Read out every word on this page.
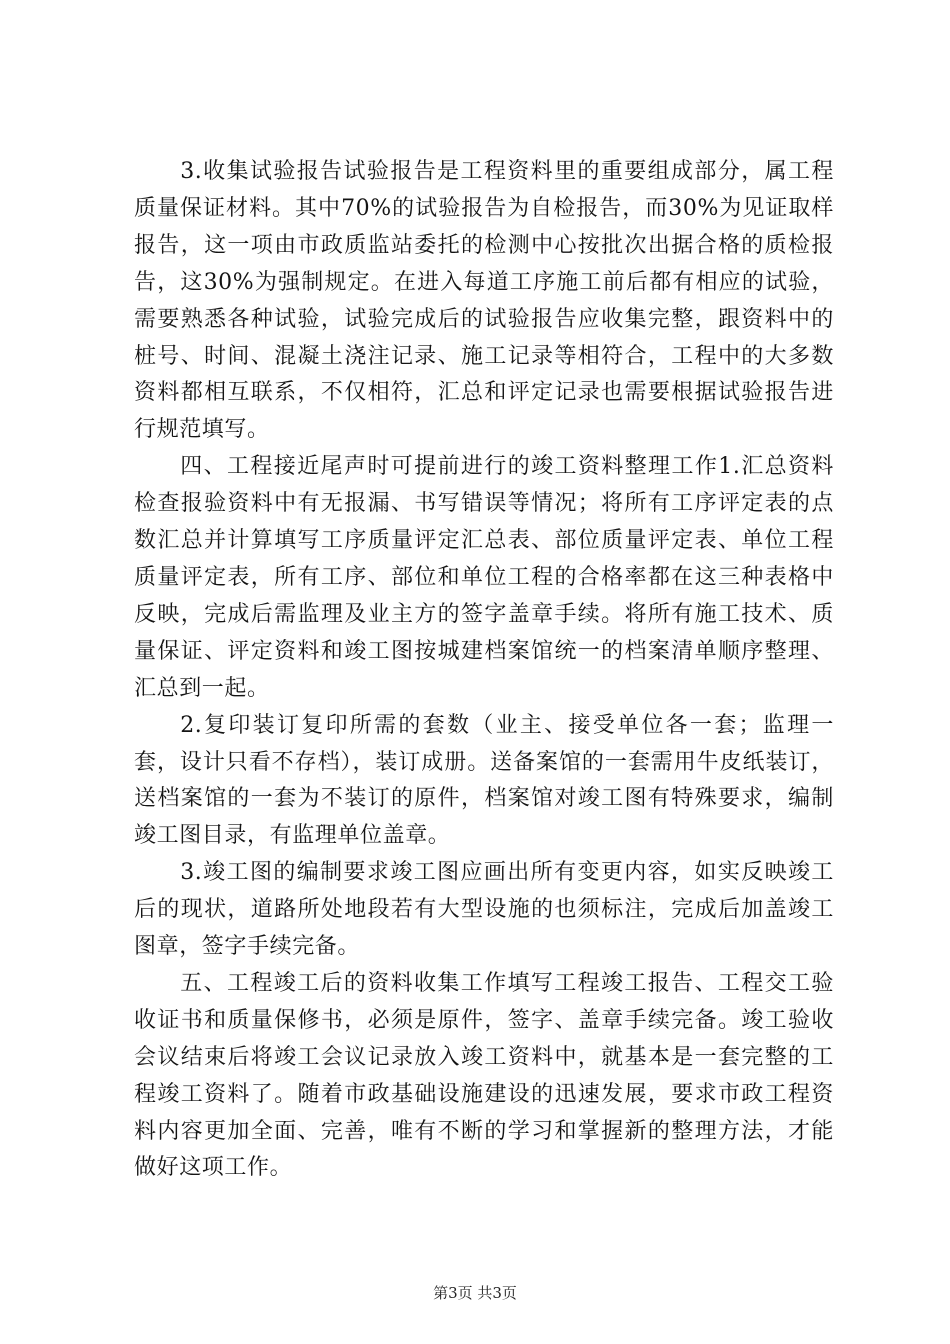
3.收集试验报告试验报告是工程资料里的重要组成部分，属工程质量保证材料。其中70%的试验报告为自检报告，而30%为见证取样报告，这一项由市政质监站委托的检测中心按批次出据合格的质检报告，这30%为强制规定。在进入每道工序施工前后都有相应的试验，需要熟悉各种试验，试验完成后的试验报告应收集完整，跟资料中的桩号、时间、混凝土浇注记录、施工记录等相符合，工程中的大多数资料都相互联系，不仅相符，汇总和评定记录也需要根据试验报告进行规范填写。

四、工程接近尾声时可提前进行的竣工资料整理工作1.汇总资料检查报验资料中有无报漏、书写错误等情况；将所有工序评定表的点数汇总并计算填写工序质量评定汇总表、部位质量评定表、单位工程质量评定表，所有工序、部位和单位工程的合格率都在这三种表格中反映，完成后需监理及业主方的签字盖章手续。将所有施工技术、质量保证、评定资料和竣工图按城建档案馆统一的档案清单顺序整理、汇总到一起。

2.复印装订复印所需的套数（业主、接受单位各一套；监理一套，设计只看不存档），装订成册。送备案馆的一套需用牛皮纸装订，送档案馆的一套为不装订的原件，档案馆对竣工图有特殊要求，编制竣工图目录，有监理单位盖章。

3.竣工图的编制要求竣工图应画出所有变更内容，如实反映竣工后的现状，道路所处地段若有大型设施的也须标注，完成后加盖竣工图章，签字手续完备。

五、工程竣工后的资料收集工作填写工程竣工报告、工程交工验收证书和质量保修书，必须是原件，签字、盖章手续完备。竣工验收会议结束后将竣工会议记录放入竣工资料中，就基本是一套完整的工程竣工资料了。随着市政基础设施建设的迅速发展，要求市政工程资料内容更加全面、完善，唯有不断的学习和掌握新的整理方法，才能做好这项工作。

第3页 共3页
